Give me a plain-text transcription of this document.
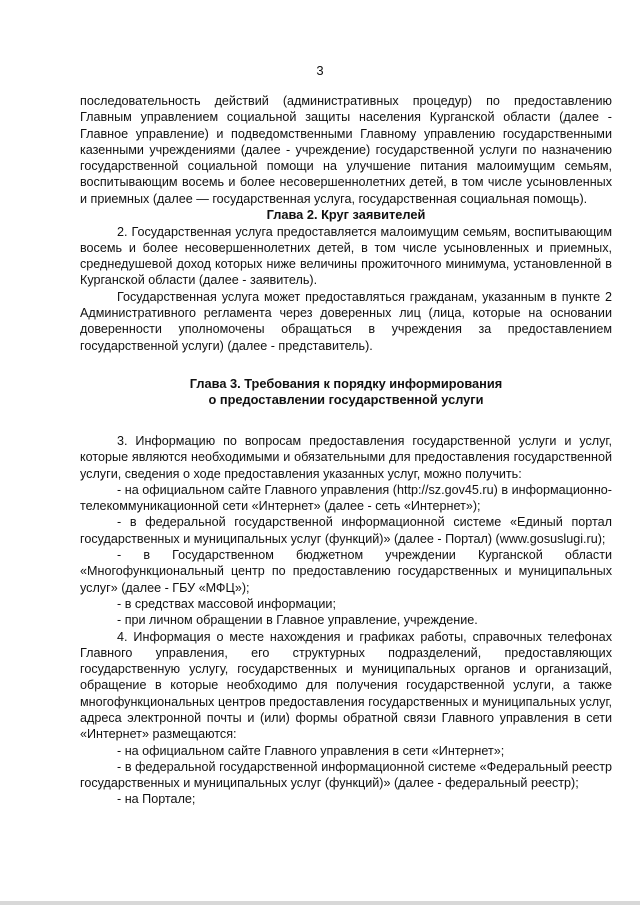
3

последовательность действий (административных процедур) по предоставлению Главным управлением социальной защиты населения Курганской области (далее - Главное управление) и подведомственными Главному управлению государственными казенными учреждениями (далее - учреждение) государственной услуги по назначению государственной социальной помощи на улучшение питания малоимущим семьям, воспитывающим восемь и более несовершеннолетних детей, в том числе усыновленных и приемных (далее — государственная услуга, государственная социальная помощь).

Глава 2. Круг заявителей

2. Государственная услуга предоставляется малоимущим семьям, воспитывающим восемь и более несовершеннолетних детей, в том числе усыновленных и приемных, среднедушевой доход которых ниже величины прожиточного минимума, установленной в Курганской области (далее - заявитель).

Государственная услуга может предоставляться гражданам, указанным в пункте 2 Административного регламента через доверенных лиц (лица, которые на основании доверенности уполномочены обращаться в учреждения за предоставлением государственной услуги) (далее - представитель).

Глава 3. Требования к порядку информирования
о предоставлении государственной услуги

3. Информацию по вопросам предоставления государственной услуги и услуг, которые являются необходимыми и обязательными для предоставления государственной услуги, сведения о ходе предоставления указанных услуг, можно получить:

- на официальном сайте Главного управления (http://sz.gov45.ru) в информационно-телекоммуникационной сети «Интернет» (далее - сеть «Интернет»);

- в федеральной государственной информационной системе «Единый портал государственных и муниципальных услуг (функций)» (далее - Портал) (www.gosuslugi.ru);

- в Государственном бюджетном учреждении Курганской области «Многофункциональный центр по предоставлению государственных и муниципальных услуг» (далее - ГБУ «МФЦ»);

- в средствах массовой информации;

- при личном обращении в Главное управление, учреждение.

4. Информация о месте нахождения и графиках работы, справочных телефонах Главного управления, его структурных подразделений, предоставляющих государственную услугу, государственных и муниципальных органов и организаций, обращение в которые необходимо для получения государственной услуги, а также многофункциональных центров предоставления государственных и муниципальных услуг, адреса электронной почты и (или) формы обратной связи Главного управления в сети «Интернет» размещаются:

- на официальном сайте Главного управления в сети «Интернет»;

- в федеральной государственной информационной системе «Федеральный реестр государственных и муниципальных услуг (функций)» (далее - федеральный реестр);

- на Портале;
